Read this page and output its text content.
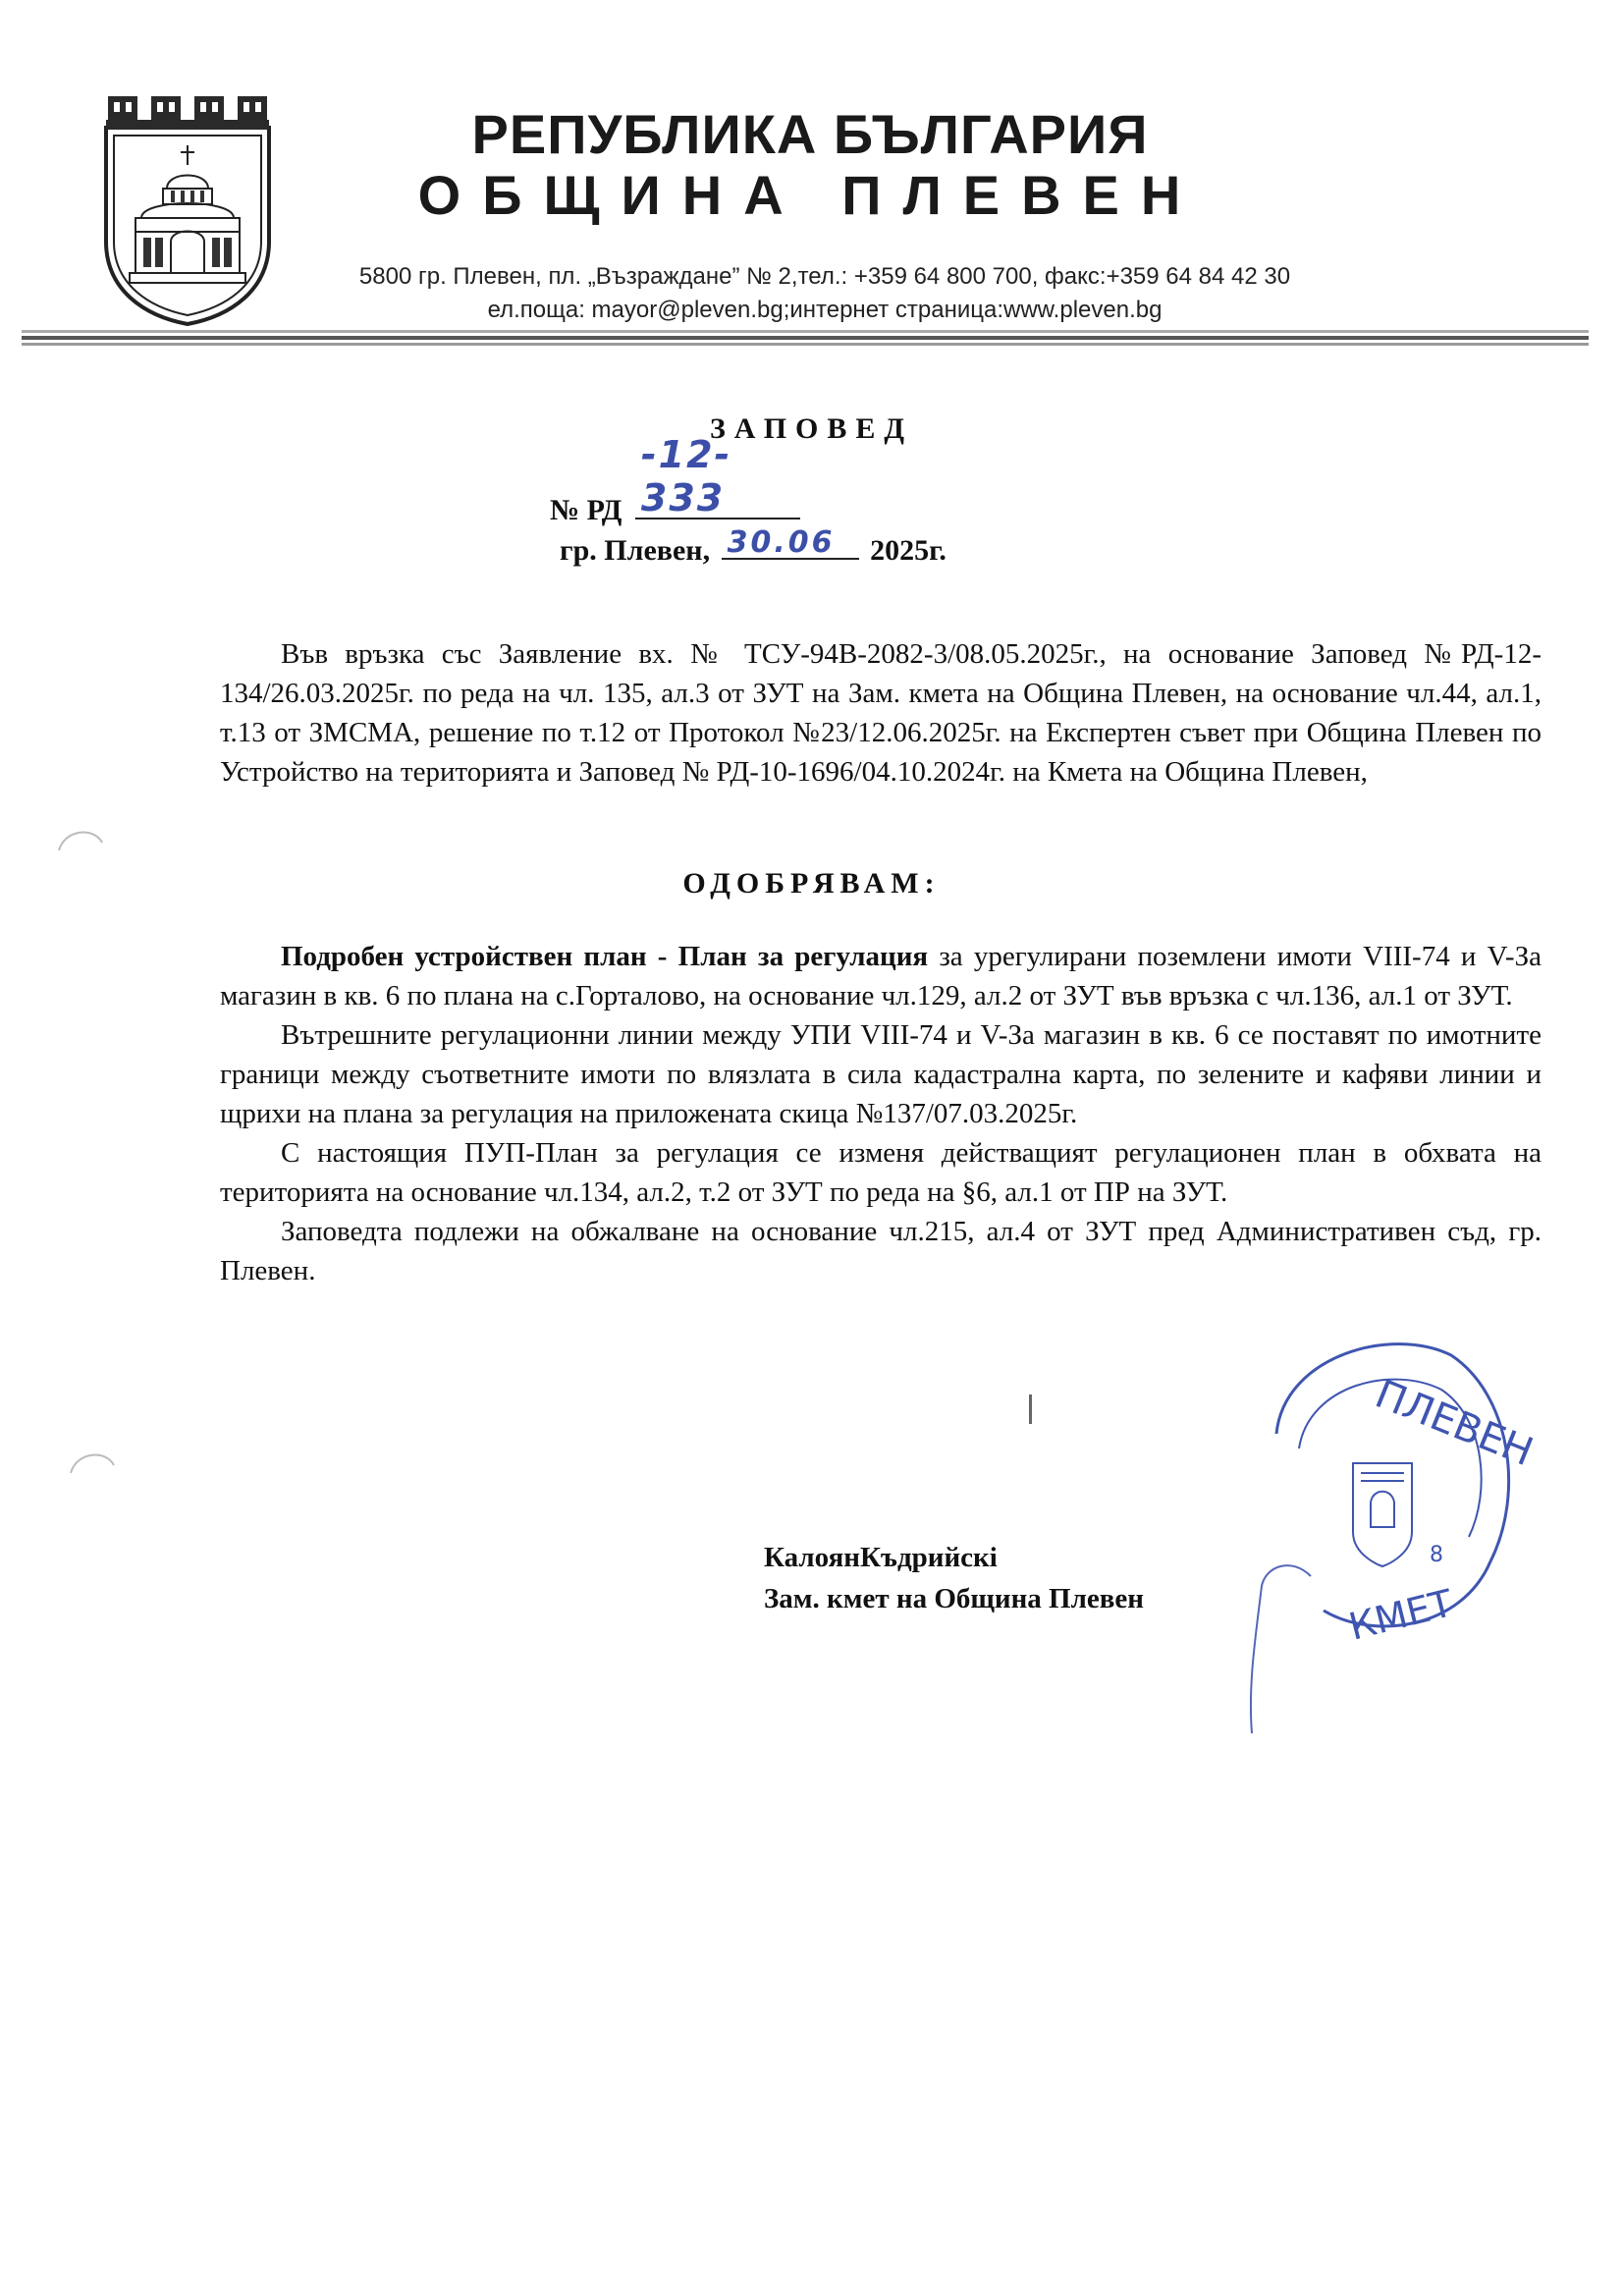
РЕПУБЛИКА БЪЛГАРИЯ
ОБЩИНА ПЛЕВЕН
5800 гр. Плевен, пл. „Възраждане” № 2,тел.: +359 64 800 700, факс:+359 64 84 42 30
ел.поща: mayor@pleven.bg;интернет страница:www.pleven.bg
ЗАПОВЕД
№ РД
-12-333
гр. Плевен, 30.06 2025г.

Във връзка със Заявление вх. № ТСУ-94В-2082-3/08.05.2025г., на основание Заповед №РД-12-134/26.03.2025г. по реда на чл. 135, ал.3 от ЗУТ на Зам. кмета на Община Плевен, на основание чл.44, ал.1, т.13 от ЗМСМА, решение по т.12 от Протокол №23/12.06.2025г. на Експертен съвет при Община Плевен по Устройство на територията и Заповед № РД-10-1696/04.10.2024г. на Кмета на Община Плевен,

ОДОБРЯВАМ:

Подробен устройствен план - План за регулация за урегулирани поземлени имоти VIII-74 и V-За магазин в кв. 6 по плана на с.Горталово, на основание чл.129, ал.2 от ЗУТ във връзка с чл.136, ал.1 от ЗУТ.

Вътрешните регулационни линии между УПИ VIII-74 и V-За магазин в кв. 6 се поставят по имотните граници между съответните имоти по влязлата в сила кадастрална карта, по зелените и кафяви линии и щрихи на плана за регулация на приложената скица №137/07.03.2025г.

С настоящия ПУП-План за регулация се изменя действащият регулационен план в обхвата на територията на основание чл.134, ал.2, т.2 от ЗУТ по реда на §6, ал.1 от ПР на ЗУТ.

Заповедта подлежи на обжалване на основание чл.215, ал.4 от ЗУТ пред Административен съд, гр. Плевен.

ПЛЕВЕН
КМЕТ
8
КалоянКъдрийскі
Зам. кмет на Община Плевен
